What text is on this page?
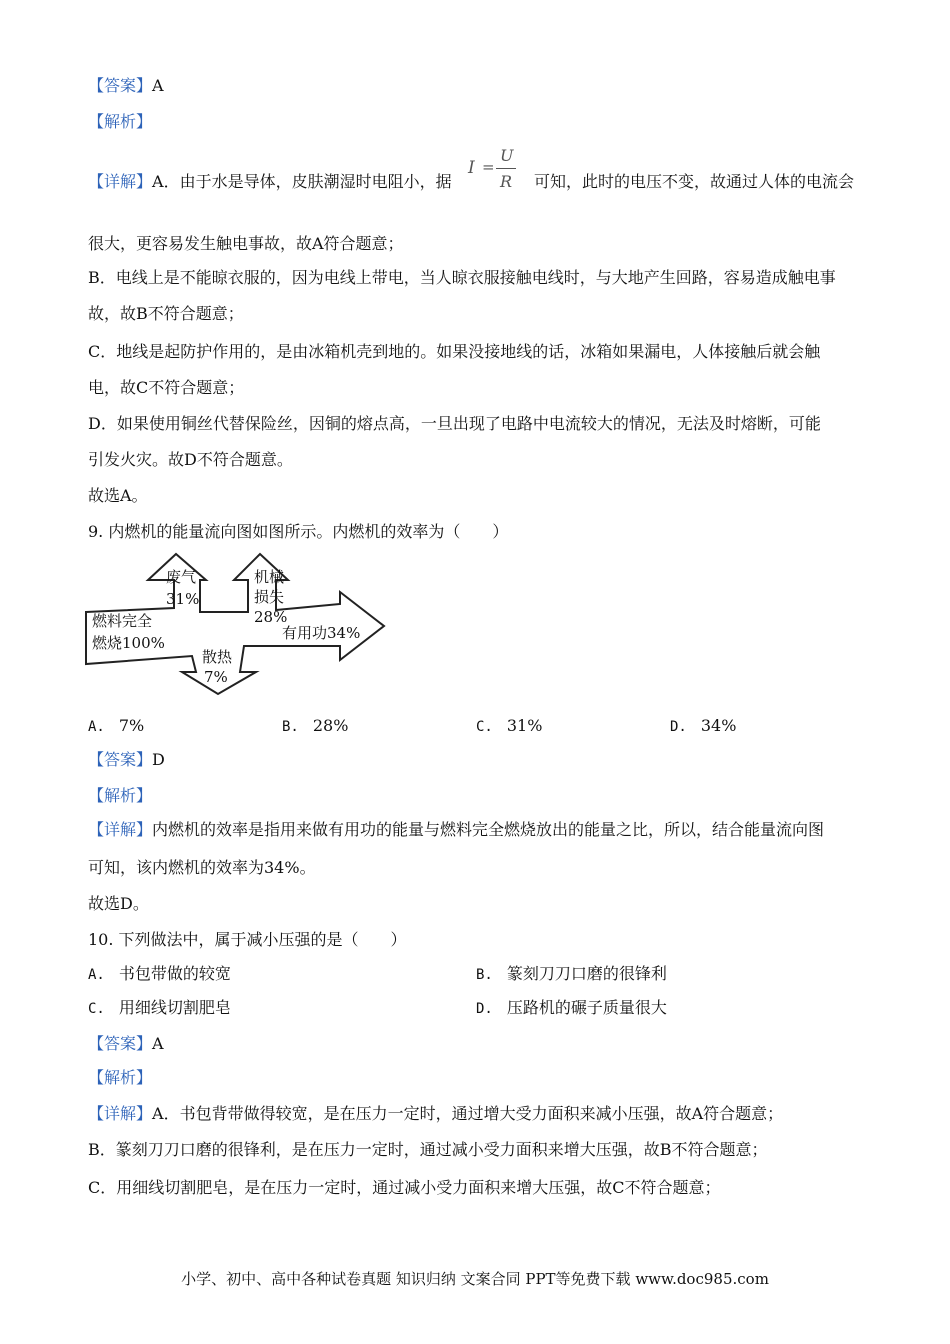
【答案】A
【解析】
【详解】A．由于水是导体，皮肤潮湿时电阻小，据
I =
U
R 可知，此时的电压不变，故通过人体的电流会
很大，更容易发生触电事故，故A符合题意；
B．电线上是不能晾衣服的，因为电线上带电，当人晾衣服接触电线时，与大地产生回路，容易造成触电事
故，故B不符合题意；
C．地线是起防护作用的，是由冰箱机壳到地的。如果没接地线的话，冰箱如果漏电，人体接触后就会触
电，故C不符合题意；
D．如果使用铜丝代替保险丝，因铜的熔点高，一旦出现了电路中电流较大的情况，无法及时熔断，可能
引发火灾。故D不符合题意。
故选A。
9. 内燃机的能量流向图如图所示。内燃机的效率为（　　）
燃料完全
燃烧100%
废气
31%
机械
损失
28%
有用功34%
散热
7%
A. 7%	B. 28%	C. 31%	D. 34%
【答案】D
【解析】
【详解】内燃机的效率是指用来做有用功的能量与燃料完全燃烧放出的能量之比，所以，结合能量流向图
可知，该内燃机的效率为34%。
故选D。
10. 下列做法中，属于减小压强的是（　　）
A. 书包带做的较宽	B. 篆刻刀刀口磨的很锋利
C. 用细线切割肥皂	D. 压路机的碾子质量很大
【答案】A
【解析】
【详解】A．书包背带做得较宽，是在压力一定时，通过增大受力面积来减小压强，故A符合题意；
B．篆刻刀刀口磨的很锋利，是在压力一定时，通过减小受力面积来增大压强，故B不符合题意；
C．用细线切割肥皂，是在压力一定时，通过减小受力面积来增大压强，故C不符合题意；
小学、初中、高中各种试卷真题 知识归纳 文案合同 PPT等免费下载 www.doc985.com
